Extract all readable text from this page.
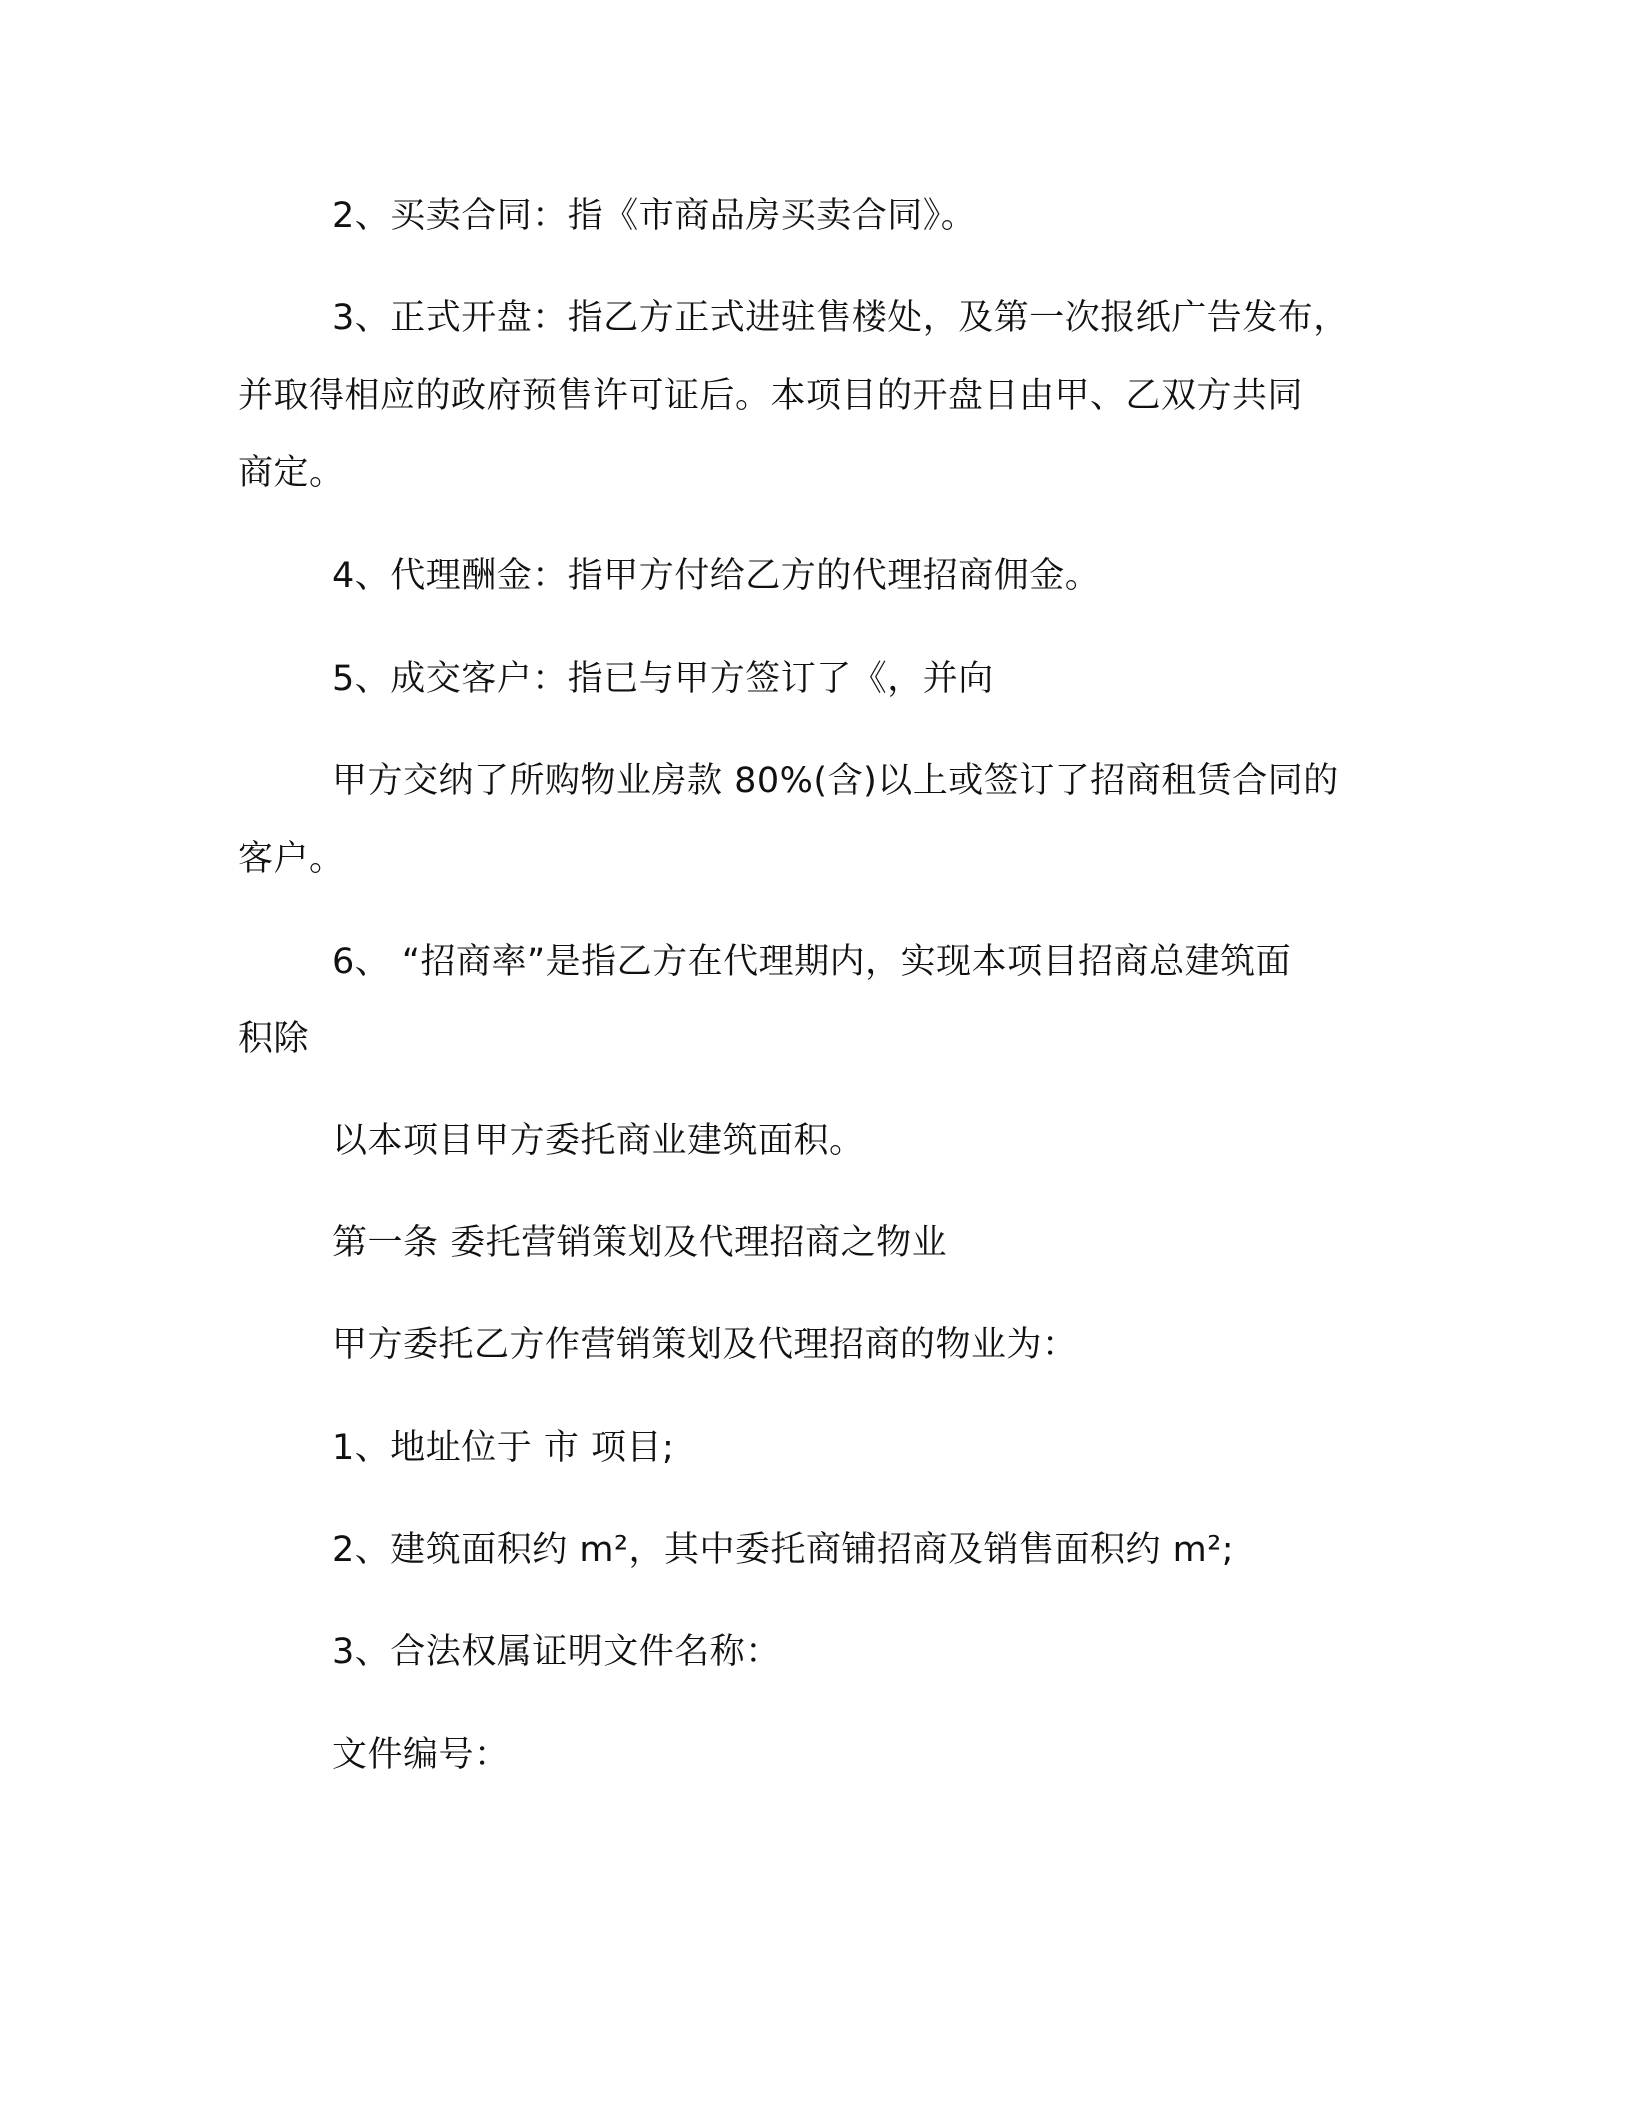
2、买卖合同：指《市商品房买卖合同》。
3、正式开盘：指乙方正式进驻售楼处，及第一次报纸广告发布，
并取得相应的政府预售许可证后。本项目的开盘日由甲、乙双方共同
商定。
4、代理酬金：指甲方付给乙方的代理招商佣金。
5、成交客户：指已与甲方签订了《，并向
甲方交纳了所购物业房款 80%(含)以上或签订了招商租赁合同的
客户。
6、 “招商率”是指乙方在代理期内，实现本项目招商总建筑面
积除
以本项目甲方委托商业建筑面积。
第一条 委托营销策划及代理招商之物业
甲方委托乙方作营销策划及代理招商的物业为：
1、地址位于 市 项目;
2、建筑面积约 m²，其中委托商铺招商及销售面积约 m²;
3、合法权属证明文件名称：
文件编号：
